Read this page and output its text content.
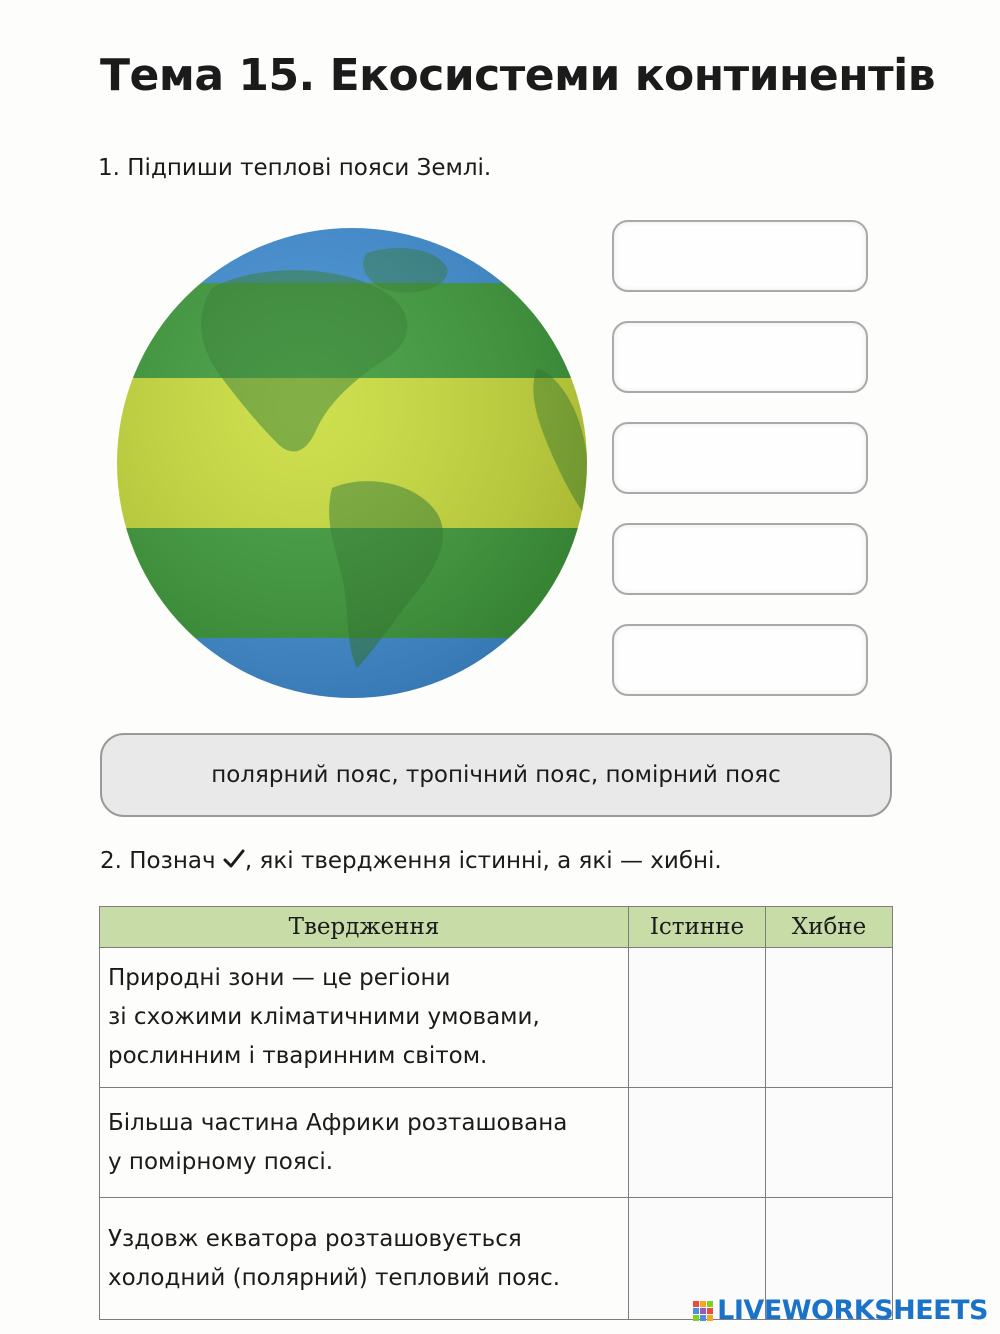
Тема 15. Екосистеми континентів
1. Підпиши теплові пояси Землі.
полярний пояс, тропічний пояс, помірний пояс
2. Познач , які твердження істинні, а які — хибні.
Твердження	Істинне	Хибне

Природні зони — це регіони
зі схожими кліматичними умовами,
рослинним і тваринним світом.		

Більша частина Африки розташована
у помірному поясі.		

Уздовж екватора розташовується
холодний (полярний) тепловий пояс.		

LIVEWORKSHEETS
